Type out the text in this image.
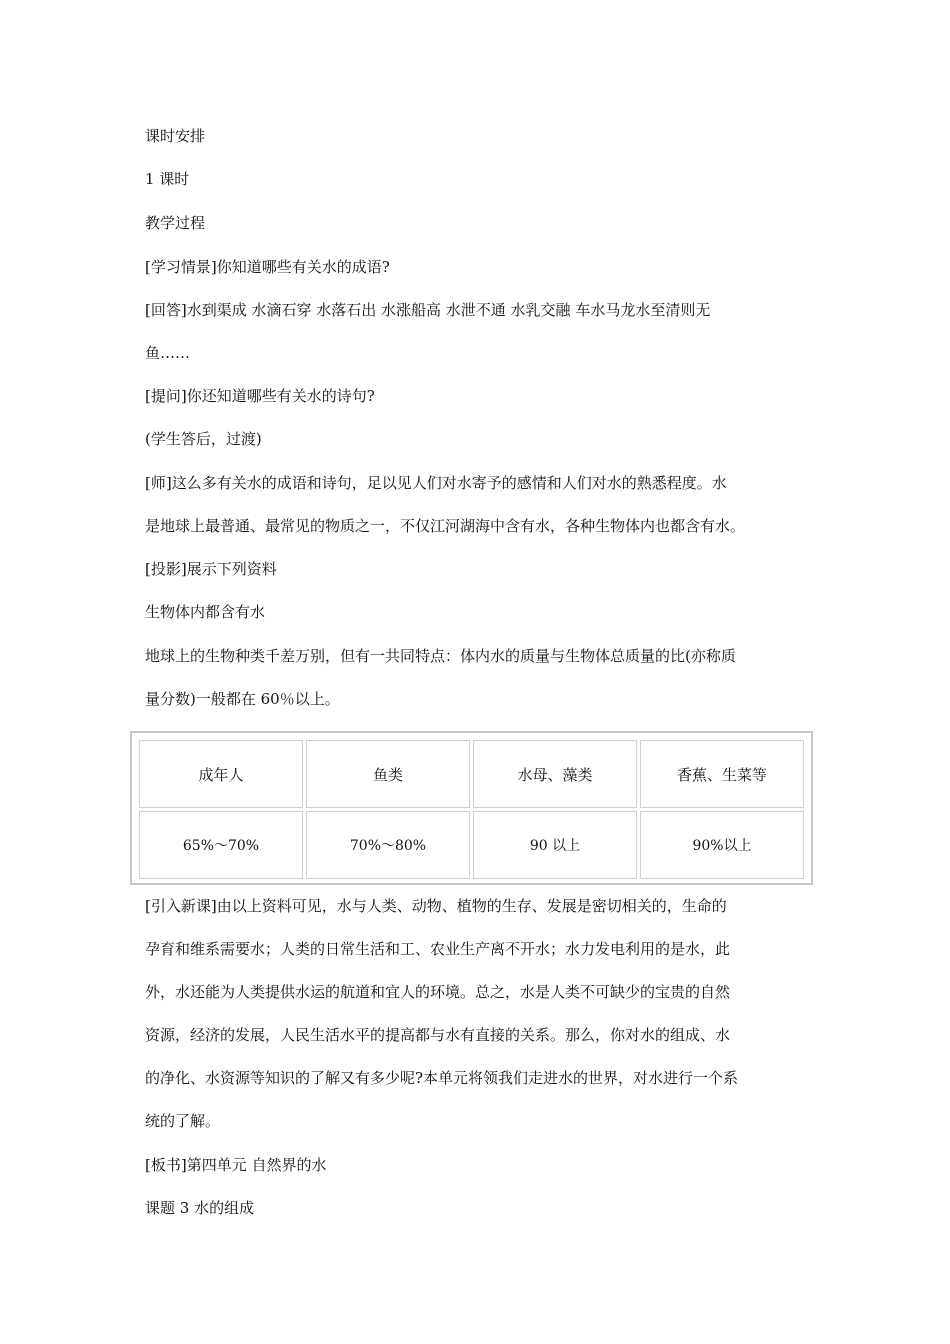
课时安排

1 课时

教学过程

[学习情景]你知道哪些有关水的成语?

[回答]水到渠成 水滴石穿 水落石出 水涨船高 水泄不通 水乳交融 车水马龙水至清则无

鱼……

[提问]你还知道哪些有关水的诗句?

(学生答后，过渡)

[师]这么多有关水的成语和诗句，足以见人们对水寄予的感情和人们对水的熟悉程度。水

是地球上最普通、最常见的物质之一，不仅江河湖海中含有水，各种生物体内也都含有水。

[投影]展示下列资料

生物体内都含有水

地球上的生物种类千差万别，但有一共同特点：体内水的质量与生物体总质量的比(亦称质

量分数)一般都在 60％以上。

成年人	鱼类	水母、藻类	香蕉、生菜等
65%～70%	70%～80%	90 以上	90%以上

[引入新课]由以上资料可见，水与人类、动物、植物的生存、发展是密切相关的，生命的

孕育和维系需要水；人类的日常生活和工、农业生产离不开水；水力发电利用的是水，此

外，水还能为人类提供水运的航道和宜人的环境。总之，水是人类不可缺少的宝贵的自然

资源，经济的发展，人民生活水平的提高都与水有直接的关系。那么，你对水的组成、水

的净化、水资源等知识的了解又有多少呢?本单元将领我们走进水的世界，对水进行一个系

统的了解。

[板书]第四单元 自然界的水

课题 3 水的组成
